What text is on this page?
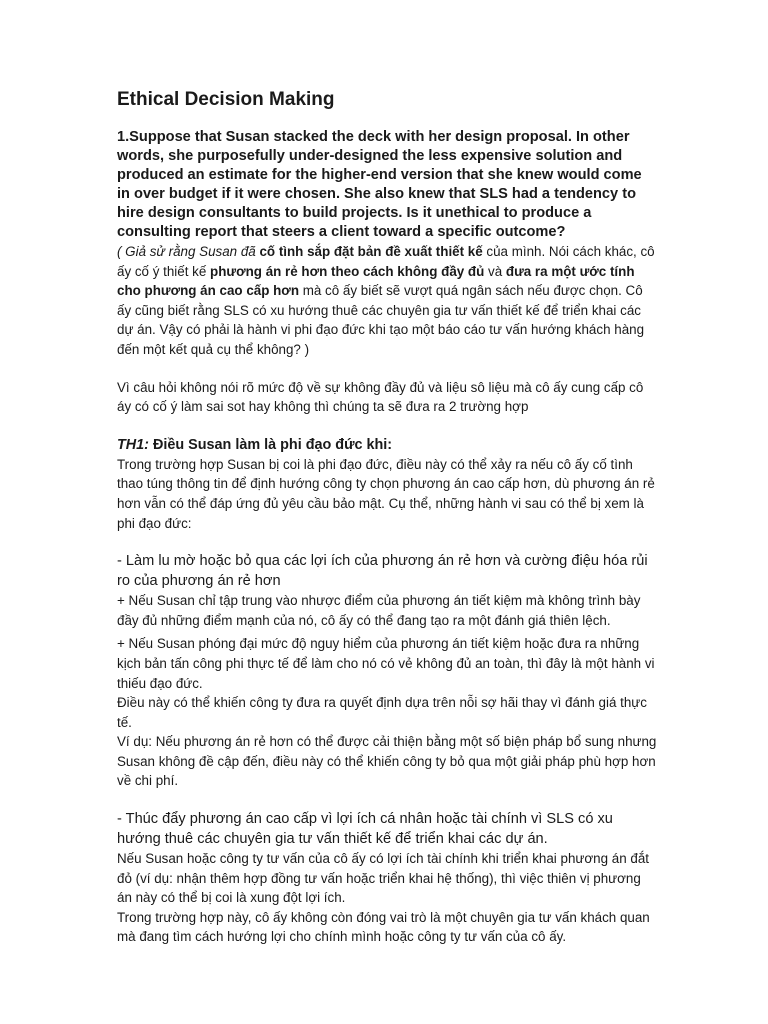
Ethical Decision Making

1.Suppose that Susan stacked the deck with her design proposal. In other words, she purposefully under-designed the less expensive solution and produced an estimate for the higher-end version that she knew would come in over budget if it were chosen. She also knew that SLS had a tendency to hire design consultants to build projects. Is it unethical to produce a consulting report that steers a client toward a specific outcome?

( Giả sử rằng Susan đã cố tình sắp đặt bản đề xuất thiết kế của mình. Nói cách khác, cô ấy cố ý thiết kế phương án rẻ hơn theo cách không đầy đủ và đưa ra một ước tính cho phương án cao cấp hơn mà cô ấy biết sẽ vượt quá ngân sách nếu được chọn. Cô ấy cũng biết rằng SLS có xu hướng thuê các chuyên gia tư vấn thiết kế để triển khai các dự án. Vậy có phải là hành vi phi đạo đức khi tạo một báo cáo tư vấn hướng khách hàng đến một kết quả cụ thể không? )

Vì câu hỏi không nói rõ mức độ về sự không đầy đủ và liệu sô liệu mà cô ấy cung cấp cô áy có cố ý làm sai sot hay không thì chúng ta sẽ đưa ra 2 trường hợp

TH1: Điều Susan làm là phi đạo đức khi:

Trong trường hợp Susan bị coi là phi đạo đức, điều này có thể xảy ra nếu cô ấy cố tình thao túng thông tin để định hướng công ty chọn phương án cao cấp hơn, dù phương án rẻ hơn vẫn có thể đáp ứng đủ yêu cầu bảo mật. Cụ thể, những hành vi sau có thể bị xem là phi đạo đức:

- Làm lu mờ hoặc bỏ qua các lợi ích của phương án rẻ hơn và cường điệu hóa rủi ro của phương án rẻ hơn

+ Nếu Susan chỉ tập trung vào nhược điểm của phương án tiết kiệm mà không trình bày đầy đủ những điểm mạnh của nó, cô ấy có thể đang tạo ra một đánh giá thiên lệch.

+ Nếu Susan phóng đại mức độ nguy hiểm của phương án tiết kiệm hoặc đưa ra những kịch bản tấn công phi thực tế để làm cho nó có vẻ không đủ an toàn, thì đây là một hành vi thiếu đạo đức.

Điều này có thể khiến công ty đưa ra quyết định dựa trên nỗi sợ hãi thay vì đánh giá thực tế.

Ví dụ: Nếu phương án rẻ hơn có thể được cải thiện bằng một số biện pháp bổ sung nhưng Susan không đề cập đến, điều này có thể khiến công ty bỏ qua một giải pháp phù hợp hơn về chi phí.

- Thúc đẩy phương án cao cấp vì lợi ích cá nhân hoặc tài chính vì SLS có xu hướng thuê các chuyên gia tư vấn thiết kế để triển khai các dự án.

Nếu Susan hoặc công ty tư vấn của cô ấy có lợi ích tài chính khi triển khai phương án đắt đỏ (ví dụ: nhận thêm hợp đồng tư vấn hoặc triển khai hệ thống), thì việc thiên vị phương án này có thể bị coi là xung đột lợi ích.

Trong trường hợp này, cô ấy không còn đóng vai trò là một chuyên gia tư vấn khách quan mà đang tìm cách hướng lợi cho chính mình hoặc công ty tư vấn của cô ấy.
